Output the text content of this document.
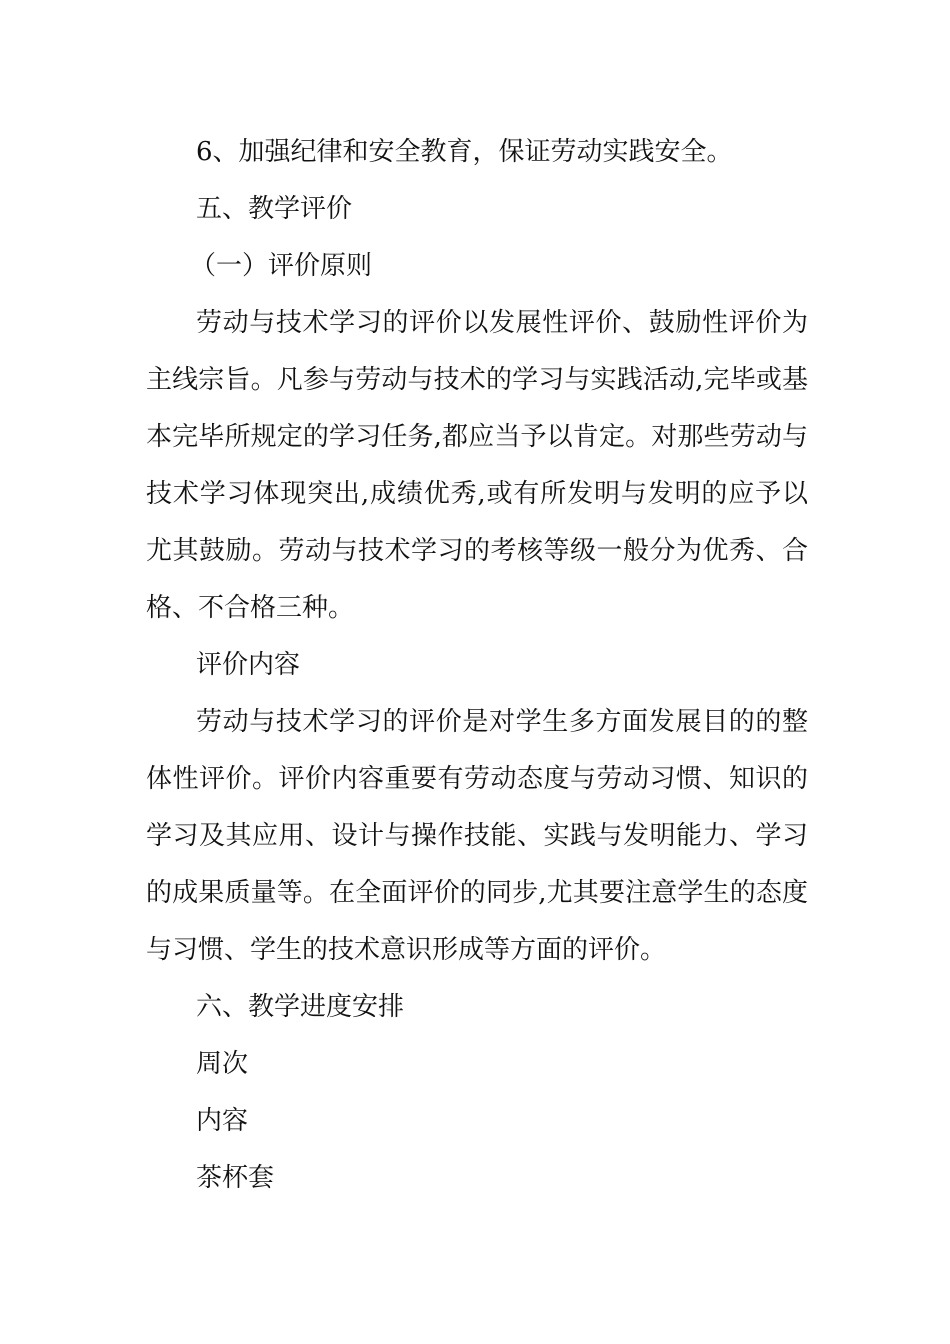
6、加强纪律和安全教育，保证劳动实践安全。
五、教学评价
（一）评价原则
劳动与技术学习的评价以发展性评价、鼓励性评价为
主线宗旨。凡参与劳动与技术的学习与实践活动,完毕或基
本完毕所规定的学习任务,都应当予以肯定。对那些劳动与
技术学习体现突出,成绩优秀,或有所发明与发明的应予以
尤其鼓励。劳动与技术学习的考核等级一般分为优秀、合
格、不合格三种。
评价内容
劳动与技术学习的评价是对学生多方面发展目的的整
体性评价。评价内容重要有劳动态度与劳动习惯、知识的
学习及其应用、设计与操作技能、实践与发明能力、学习
的成果质量等。在全面评价的同步,尤其要注意学生的态度
与习惯、学生的技术意识形成等方面的评价。
六、教学进度安排
周次
内容
茶杯套
